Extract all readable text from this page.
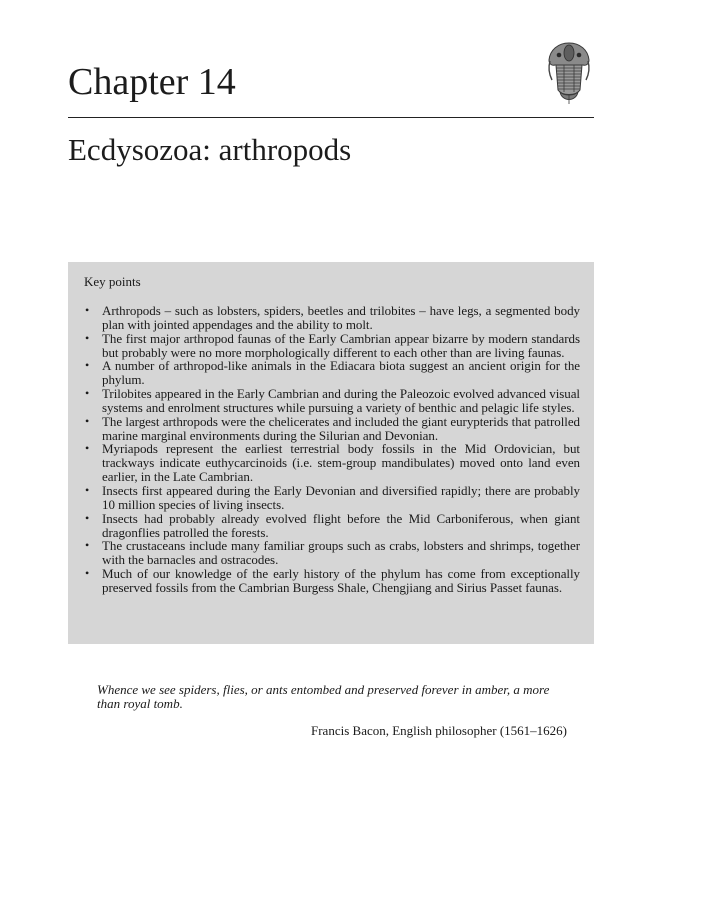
Chapter 14
Ecdysozoa: arthropods
Key points
• Arthropods – such as lobsters, spiders, beetles and trilobites – have legs, a segmented body plan with jointed appendages and the ability to molt.
• The first major arthropod faunas of the Early Cambrian appear bizarre by modern standards but probably were no more morphologically different to each other than are living faunas.
• A number of arthropod-like animals in the Ediacara biota suggest an ancient origin for the phylum.
• Trilobites appeared in the Early Cambrian and during the Paleozoic evolved advanced visual systems and enrolment structures while pursuing a variety of benthic and pelagic life styles.
• The largest arthropods were the chelicerates and included the giant eurypterids that patrolled marine marginal environments during the Silurian and Devonian.
• Myriapods represent the earliest terrestrial body fossils in the Mid Ordovician, but trackways indicate euthycarcinoids (i.e. stem-group mandibulates) moved onto land even earlier, in the Late Cambrian.
• Insects first appeared during the Early Devonian and diversified rapidly; there are probably 10 million species of living insects.
• Insects had probably already evolved flight before the Mid Carboniferous, when giant dragonflies patrolled the forests.
• The crustaceans include many familiar groups such as crabs, lobsters and shrimps, together with the barnacles and ostracodes.
• Much of our knowledge of the early history of the phylum has come from exceptionally preserved fossils from the Cambrian Burgess Shale, Chengjiang and Sirius Passet faunas.

Whence we see spiders, flies, or ants entombed and preserved forever in amber, a more than royal tomb.

Francis Bacon, English philosopher (1561–1626)
